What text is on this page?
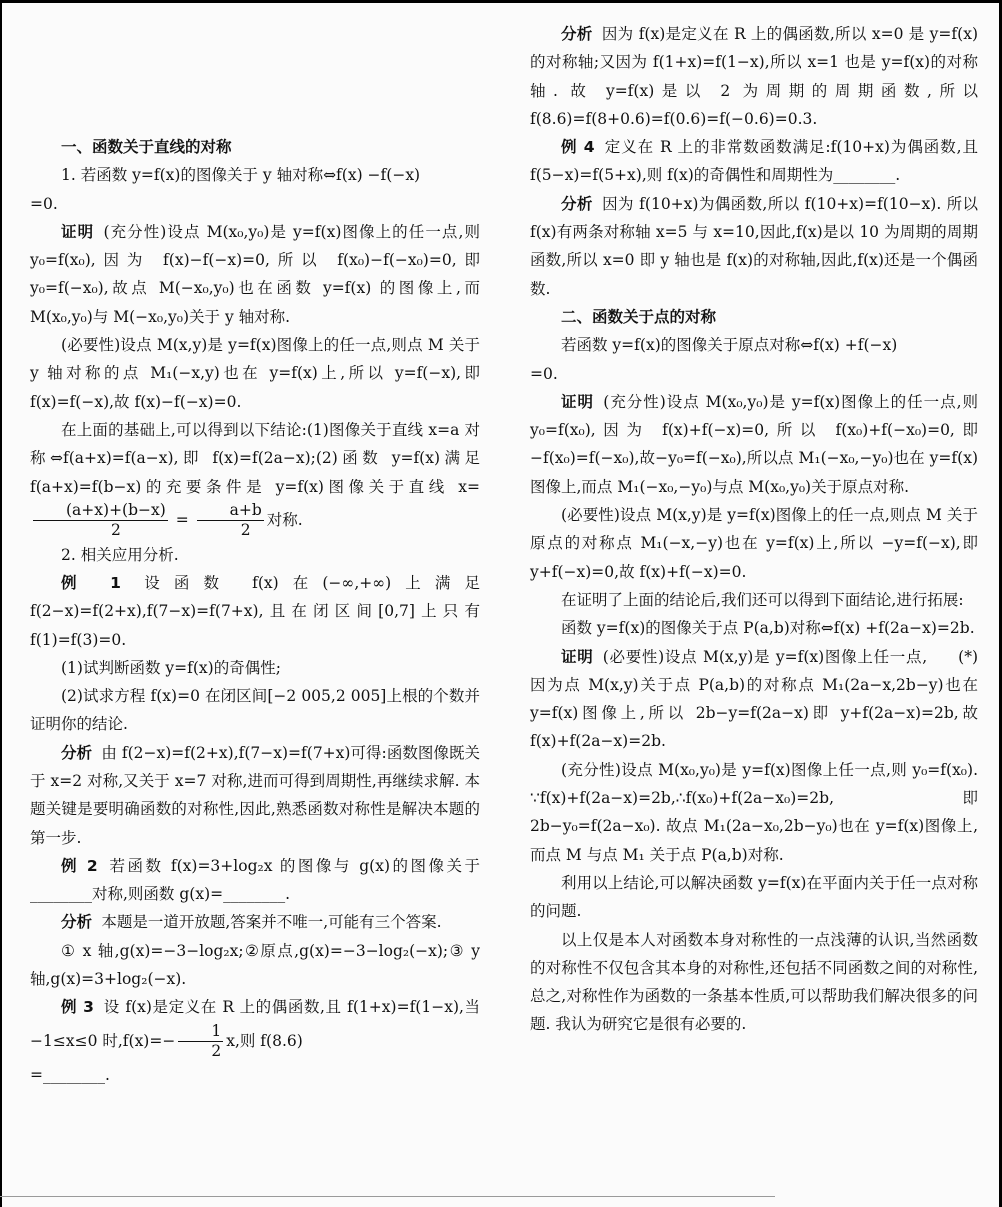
一、函数关于直线的对称

1. 若函数 y=f(x)的图像关于 y 轴对称⇔f(x) −f(−x)
=0.

证明 (充分性)设点 M(x₀,y₀)是 y=f(x)图像上的任一点,则 y₀=f(x₀),因为 f(x)−f(−x)=0,所以 f(x₀)−f(−x₀)=0,即 y₀=f(−x₀),故点 M(−x₀,y₀)也在函数 y=f(x) 的图像上,而 M(x₀,y₀)与 M(−x₀,y₀)关于 y 轴对称.

(必要性)设点 M(x,y)是 y=f(x)图像上的任一点,则点 M 关于 y 轴对称的点 M₁(−x,y)也在 y=f(x)上,所以 y=f(−x),即 f(x)=f(−x),故 f(x)−f(−x)=0.

在上面的基础上,可以得到以下结论:(1)图像关于直线 x=a 对称⇔f(a+x)=f(a−x),即 f(x)=f(2a−x);(2)函数 y=f(x)满足 f(a+x)=f(b−x)的充要条件是 y=f(x)图像关于直线 x=
$\frac{(a+x)+(b-x)}{2} = \frac{a+b}{2}$ 对称.

2. 相关应用分析.

例 1 设函数 f(x)在(−∞,+∞)上满足 f(2−x)=f(2+x),f(7−x)=f(7+x),且在闭区间[0,7]上只有 f(1)=f(3)=0.

(1)试判断函数 y=f(x)的奇偶性;

(2)试求方程 f(x)=0 在闭区间[−2 005,2 005]上根的个数并证明你的结论.

分析 由 f(2−x)=f(2+x),f(7−x)=f(7+x)可得:函数图像既关于 x=2 对称,又关于 x=7 对称,进而可得到周期性,再继续求解. 本题关键是要明确函数的对称性,因此,熟悉函数对称性是解决本题的第一步.

例 2 若函数 f(x)=3+log₂x 的图像与 g(x)的图像关于________对称,则函数 g(x)=________.

分析 本题是一道开放题,答案并不唯一,可能有三个答案.

① x 轴,g(x)=−3−log₂x;②原点,g(x)=−3−log₂(−x);③ y 轴,g(x)=3+log₂(−x).

例 3 设 f(x)是定义在 R 上的偶函数,且 f(1+x)=f(1−x),当 −1≤x≤0 时$,f(x)=- \frac{1}{2} x$,则 f(8.6)
=________.

分析 因为 f(x)是定义在 R 上的偶函数,所以 x=0 是 y=f(x)的对称轴;又因为 f(1+x)=f(1−x),所以 x=1 也是 y=f(x)的对称轴. 故 y=f(x)是以 2 为周期的周期函数,所以 f(8.6)=f(8+0.6)=f(0.6)=f(−0.6)=0.3.

例 4 定义在 R 上的非常数函数满足:f(10+x)为偶函数,且 f(5−x)=f(5+x),则 f(x)的奇偶性和周期性为________.

分析 因为 f(10+x)为偶函数,所以 f(10+x)=f(10−x). 所以 f(x)有两条对称轴 x=5 与 x=10,因此,f(x)是以 10 为周期的周期函数,所以 x=0 即 y 轴也是 f(x)的对称轴,因此,f(x)还是一个偶函数.

二、函数关于点的对称

若函数 y=f(x)的图像关于原点对称⇔f(x) +f(−x)
=0.

证明 (充分性)设点 M(x₀,y₀)是 y=f(x)图像上的任一点,则 y₀=f(x₀),因为 f(x)+f(−x)=0,所以 f(x₀)+f(−x₀)=0,即−f(x₀)=f(−x₀),故−y₀=f(−x₀),所以点 M₁(−x₀,−y₀)也在 y=f(x)图像上,而点 M₁(−x₀,−y₀)与点 M(x₀,y₀)关于原点对称.

(必要性)设点 M(x,y)是 y=f(x)图像上的任一点,则点 M 关于原点的对称点 M₁(−x,−y)也在 y=f(x)上,所以 −y=f(−x),即 y+f(−x)=0,故 f(x)+f(−x)=0.

在证明了上面的结论后,我们还可以得到下面结论,进行拓展:

函数 y=f(x)的图像关于点 P(a,b)对称⇔f(x) +f(2a−x)=2b.
(*)

证明 (必要性)设点 M(x,y)是 y=f(x)图像上任一点,因为点 M(x,y)关于点 P(a,b)的对称点 M₁(2a−x,2b−y)也在 y=f(x)图像上,所以 2b−y=f(2a−x)即 y+f(2a−x)=2b,故 f(x)+f(2a−x)=2b.

(充分性)设点 M(x₀,y₀)是 y=f(x)图像上任一点,则 y₀=f(x₀). ∵f(x)+f(2a−x)=2b,∴f(x₀)+f(2a−x₀)=2b,即 2b−y₀=f(2a−x₀). 故点 M₁(2a−x₀,2b−y₀)也在 y=f(x)图像上,而点 M 与点 M₁ 关于点 P(a,b)对称.

利用以上结论,可以解决函数 y=f(x)在平面内关于任一点对称的问题.

以上仅是本人对函数本身对称性的一点浅薄的认识,当然函数的对称性不仅包含其本身的对称性,还包括不同函数之间的对称性,总之,对称性作为函数的一条基本性质,可以帮助我们解决很多的问题. 我认为研究它是很有必要的.
